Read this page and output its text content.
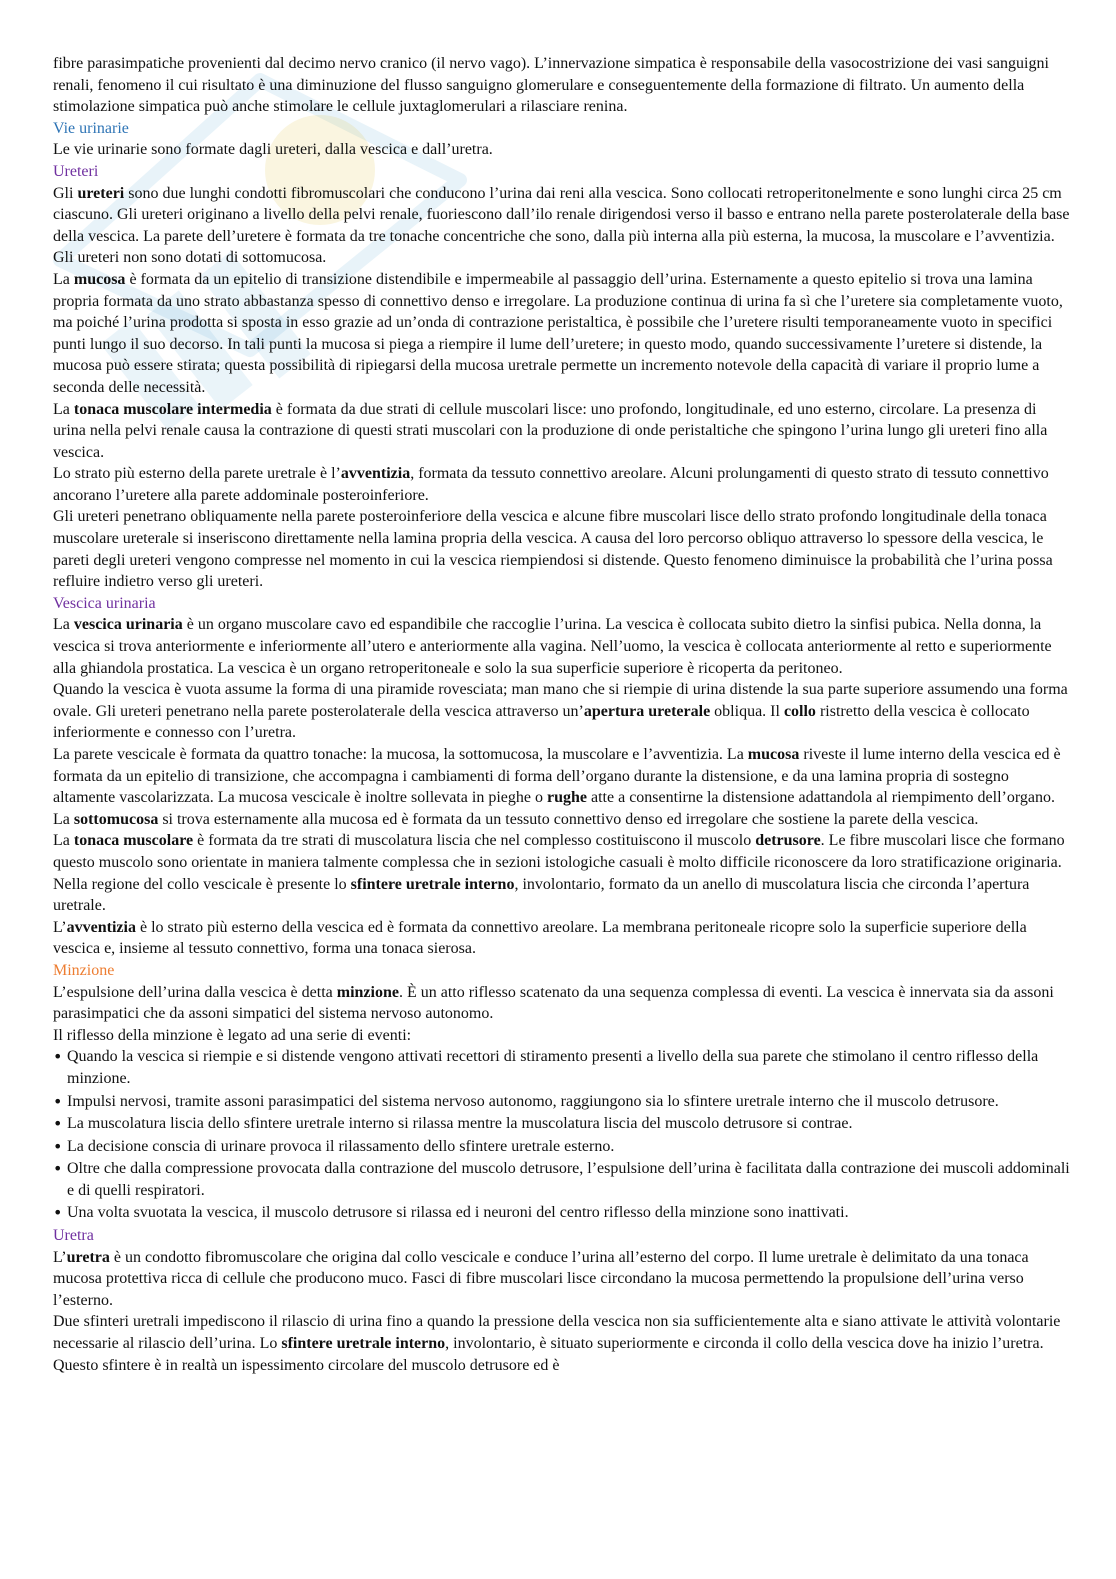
fibre parasimpatiche provenienti dal decimo nervo cranico (il nervo vago). L’innervazione simpatica è responsabile della vasocostrizione dei vasi sanguigni renali, fenomeno il cui risultato è una diminuzione del flusso sanguigno glomerulare e conseguentemente della formazione di filtrato. Un aumento della stimolazione simpatica può anche stimolare le cellule juxtaglomerulari a rilasciare renina.

Vie urinarie

Le vie urinarie sono formate dagli ureteri, dalla vescica e dall’uretra.

Ureteri

Gli ureteri sono due lunghi condotti fibromuscolari che conducono l’urina dai reni alla vescica. Sono collocati retroperitonelmente e sono lunghi circa 25 cm ciascuno. Gli ureteri originano a livello della pelvi renale, fuoriescono dall’ilo renale dirigendosi verso il basso e entrano nella parete posterolaterale della base della vescica. La parete dell’uretere è formata da tre tonache concentriche che sono, dalla più interna alla più esterna, la mucosa, la muscolare e l’avventizia. Gli ureteri non sono dotati di sottomucosa.

La mucosa è formata da un epitelio di transizione distendibile e impermeabile al passaggio dell’urina. Esternamente a questo epitelio si trova una lamina propria formata da uno strato abbastanza spesso di connettivo denso e irregolare. La produzione continua di urina fa sì che l’uretere sia completamente vuoto, ma poiché l’urina prodotta si sposta in esso grazie ad un’onda di contrazione peristaltica, è possibile che l’uretere risulti temporaneamente vuoto in specifici punti lungo il suo decorso. In tali punti la mucosa si piega a riempire il lume dell’uretere; in questo modo, quando successivamente l’uretere si distende, la mucosa può essere stirata; questa possibilità di ripiegarsi della mucosa uretrale permette un incremento notevole della capacità di variare il proprio lume a seconda delle necessità.

La tonaca muscolare intermedia è formata da due strati di cellule muscolari lisce: uno profondo, longitudinale, ed uno esterno, circolare. La presenza di urina nella pelvi renale causa la contrazione di questi strati muscolari con la produzione di onde peristaltiche che spingono l’urina lungo gli ureteri fino alla vescica.

Lo strato più esterno della parete uretrale è l’avventizia, formata da tessuto connettivo areolare. Alcuni prolungamenti di questo strato di tessuto connettivo ancorano l’uretere alla parete addominale posteroinferiore.

Gli ureteri penetrano obliquamente nella parete posteroinferiore della vescica e alcune fibre muscolari lisce dello strato profondo longitudinale della tonaca muscolare ureterale si inseriscono direttamente nella lamina propria della vescica. A causa del loro percorso obliquo attraverso lo spessore della vescica, le pareti degli ureteri vengono compresse nel momento in cui la vescica riempiendosi si distende. Questo fenomeno diminuisce la probabilità che l’urina possa refluire indietro verso gli ureteri.

Vescica urinaria

La vescica urinaria è un organo muscolare cavo ed espandibile che raccoglie l’urina. La vescica è collocata subito dietro la sinfisi pubica. Nella donna, la vescica si trova anteriormente e inferiormente all’utero e anteriormente alla vagina. Nell’uomo, la vescica è collocata anteriormente al retto e superiormente alla ghiandola prostatica. La vescica è un organo retroperitoneale e solo la sua superficie superiore è ricoperta da peritoneo.

Quando la vescica è vuota assume la forma di una piramide rovesciata; man mano che si riempie di urina distende la sua parte superiore assumendo una forma ovale. Gli ureteri penetrano nella parete posterolaterale della vescica attraverso un’apertura ureterale obliqua. Il collo ristretto della vescica è collocato inferiormente e connesso con l’uretra.

La parete vescicale è formata da quattro tonache: la mucosa, la sottomucosa, la muscolare e l’avventizia. La mucosa riveste il lume interno della vescica ed è formata da un epitelio di transizione, che accompagna i cambiamenti di forma dell’organo durante la distensione, e da una lamina propria di sostegno altamente vascolarizzata. La mucosa vescicale è inoltre sollevata in pieghe o rughe atte a consentirne la distensione adattandola al riempimento dell’organo.

La sottomucosa si trova esternamente alla mucosa ed è formata da un tessuto connettivo denso ed irregolare che sostiene la parete della vescica.

La tonaca muscolare è formata da tre strati di muscolatura liscia che nel complesso costituiscono il muscolo detrusore. Le fibre muscolari lisce che formano questo muscolo sono orientate in maniera talmente complessa che in sezioni istologiche casuali è molto difficile riconoscere da loro stratificazione originaria. Nella regione del collo vescicale è presente lo sfintere uretrale interno, involontario, formato da un anello di muscolatura liscia che circonda l’apertura uretrale.

L’avventizia è lo strato più esterno della vescica ed è formata da connettivo areolare. La membrana peritoneale ricopre solo la superficie superiore della vescica e, insieme al tessuto connettivo, forma una tonaca sierosa.

Minzione

L’espulsione dell’urina dalla vescica è detta minzione. È un atto riflesso scatenato da una sequenza complessa di eventi. La vescica è innervata sia da assoni parasimpatici che da assoni simpatici del sistema nervoso autonomo.

Il riflesso della minzione è legato ad una serie di eventi:

• Quando la vescica si riempie e si distende vengono attivati recettori di stiramento presenti a livello della sua parete che stimolano il centro riflesso della minzione.
• Impulsi nervosi, tramite assoni parasimpatici del sistema nervoso autonomo, raggiungono sia lo sfintere uretrale interno che il muscolo detrusore.
• La muscolatura liscia dello sfintere uretrale interno si rilassa mentre la muscolatura liscia del muscolo detrusore si contrae.
• La decisione conscia di urinare provoca il rilassamento dello sfintere uretrale esterno.
• Oltre che dalla compressione provocata dalla contrazione del muscolo detrusore, l’espulsione dell’urina è facilitata dalla contrazione dei muscoli addominali e di quelli respiratori.
• Una volta svuotata la vescica, il muscolo detrusore si rilassa ed i neuroni del centro riflesso della minzione sono inattivati.

Uretra

L’uretra è un condotto fibromuscolare che origina dal collo vescicale e conduce l’urina all’esterno del corpo. Il lume uretrale è delimitato da una tonaca mucosa protettiva ricca di cellule che producono muco. Fasci di fibre muscolari lisce circondano la mucosa permettendo la propulsione dell’urina verso l’esterno.

Due sfinteri uretrali impediscono il rilascio di urina fino a quando la pressione della vescica non sia sufficientemente alta e siano attivate le attività volontarie necessarie al rilascio dell’urina. Lo sfintere uretrale interno, involontario, è situato superiormente e circonda il collo della vescica dove ha inizio l’uretra. Questo sfintere è in realtà un ispessimento circolare del muscolo detrusore ed è
